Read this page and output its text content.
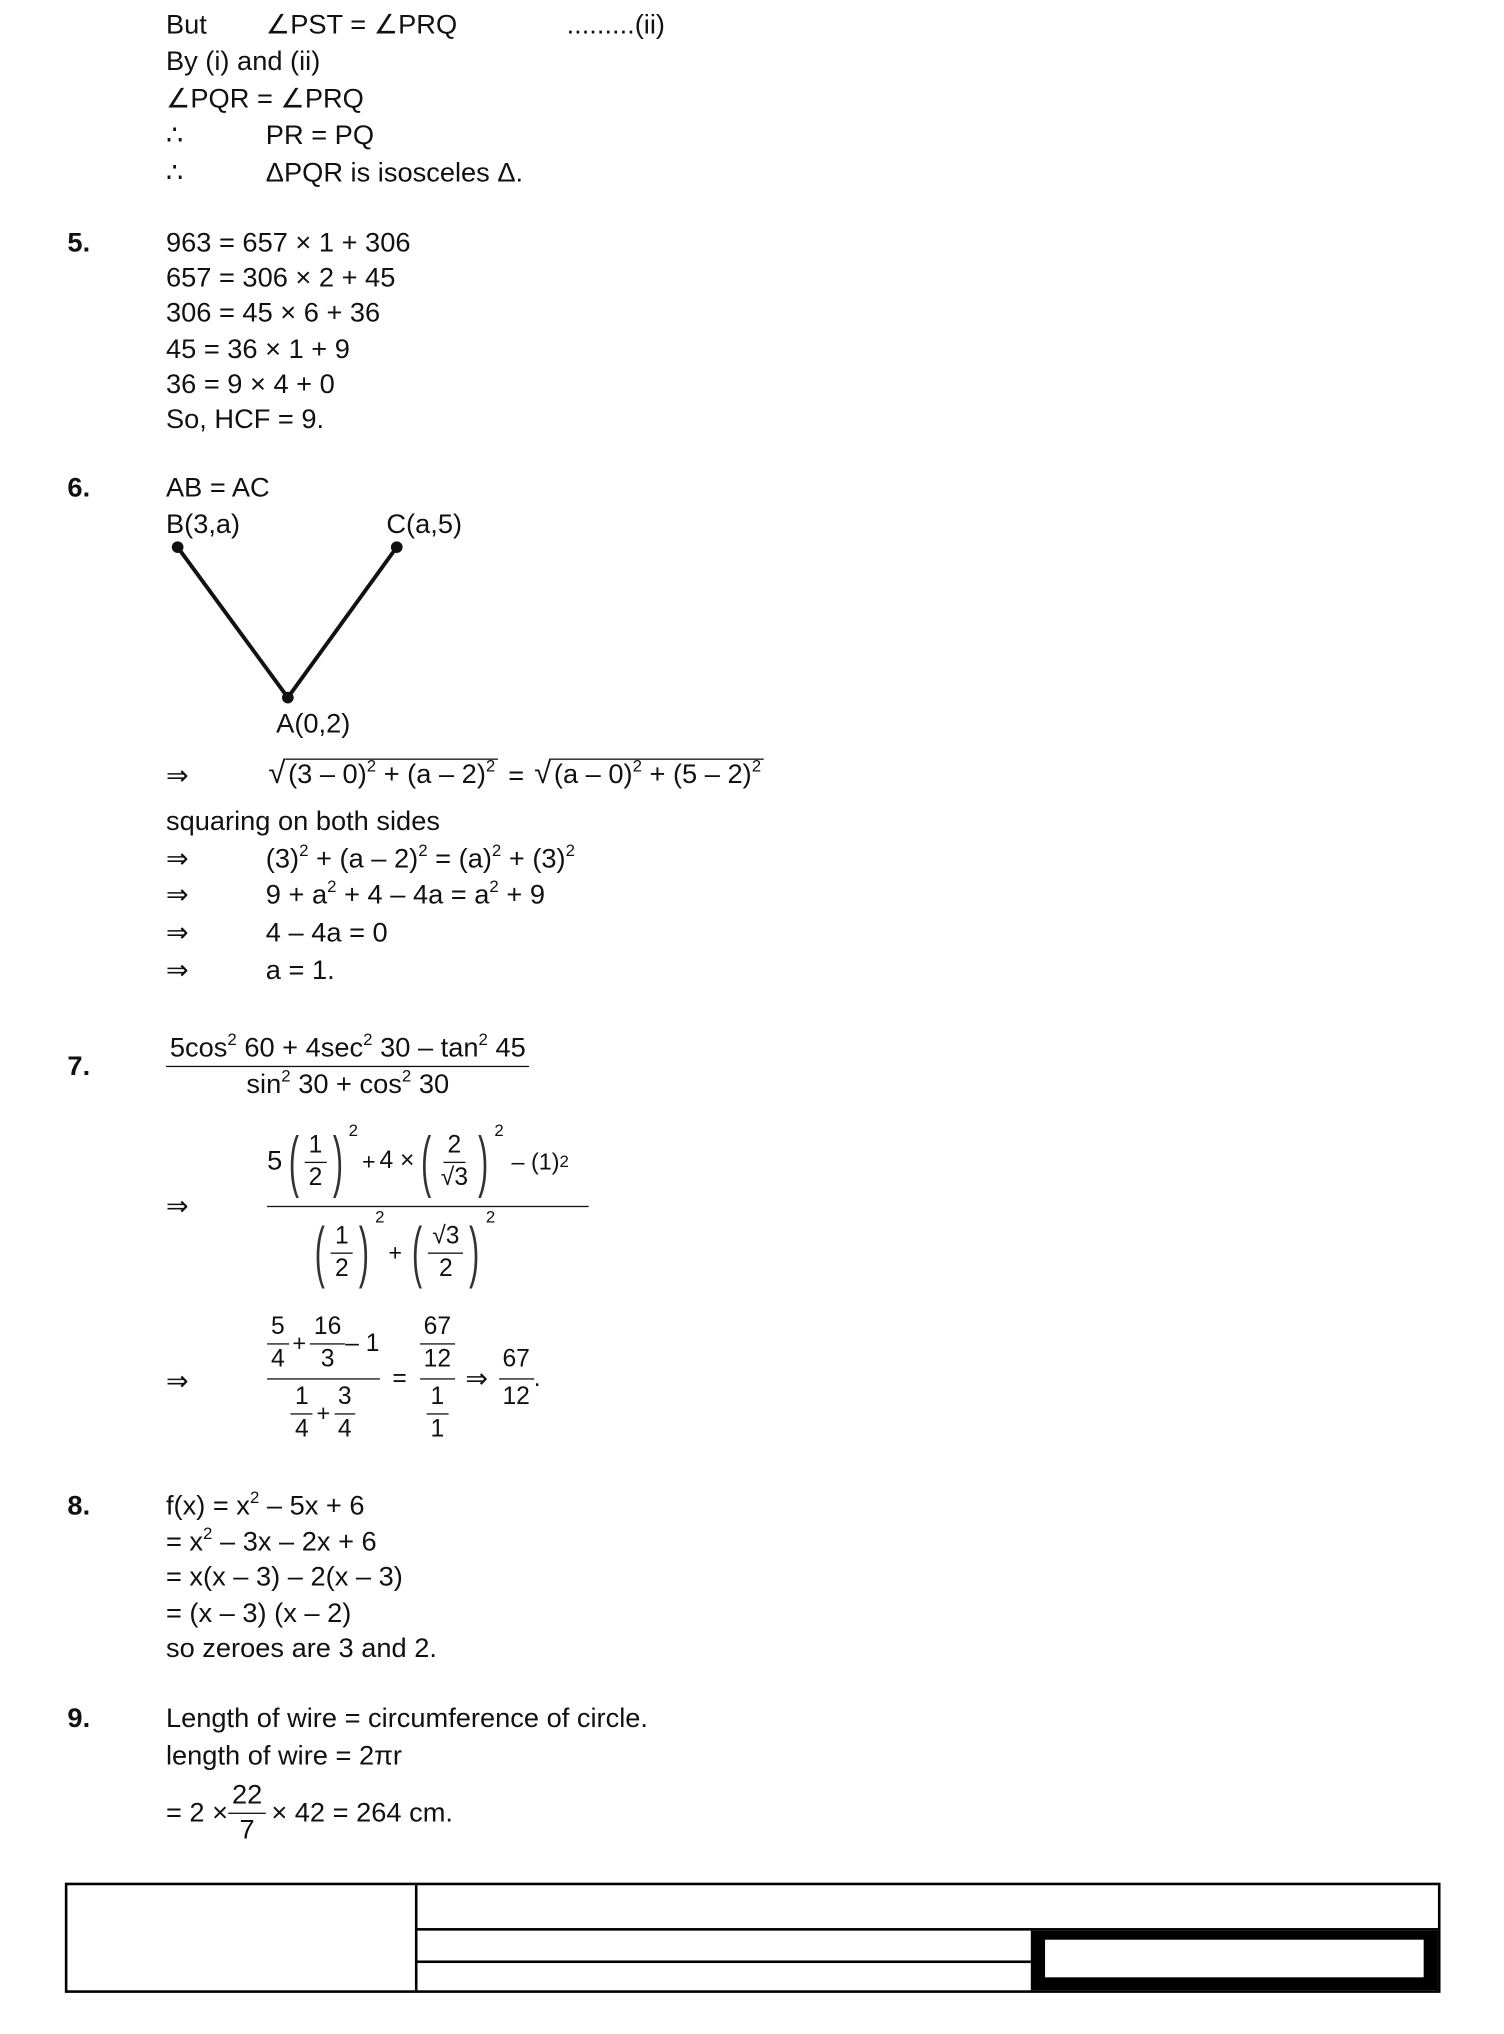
But	∠PST = ∠PRQ	.........(ii)
By (i) and (ii)
∠PQR = ∠PRQ
∴	PR = PQ
∴	ΔPQR is isosceles Δ.
5.	963 = 657 × 1 + 306
657 = 306 × 2 + 45
306 = 45 × 6 + 36
45 = 36 × 1 + 9
36 = 9 × 4 + 0
So, HCF = 9.
6.	AB = AC
B(3,a)	C(a,5)
A(0,2)
⇒	√ (3 – 0)$^2$ + (a – 2)$^2$ = √ (a – 0)$^2$ + (5 – 2)$^2$
squaring on both sides
⇒	$(3)^2 + (a - 2)^2 = (a)^2 + (3)^2$
⇒	$9 + a^2 + 4 - 4a = a^2 + 9$
⇒	4 – 4a = 0
⇒	a = 1.
7.	$\frac{5\cos^2 60 + 4\sec^2 30 - \tan^2 45}{\sin^2 30 + \cos^2 30}$
⇒	5 ( $\frac{1}{2}$ ) 2
+ 4 × ( $\frac{2}{√3}$ ) 2
– (1) 2
( $\frac{1}{2}$ ) 2
+ ( $\frac{√3}{2}$ ) 2
⇒	$\frac{\frac{5}{4} + \frac{16}{3} - 1}{\frac{1}{4} + \frac{3}{4}} = \frac{\frac{67}{12}}{\frac{1}{1}}$ ⇒ $\frac{67}{12}$ .
8.	$f(x) = x^2 - 5x + 6$
= $x^2 - 3x - 2x + 6$
= x(x – 3) – 2(x – 3)
= (x – 3) (x – 2)
so zeroes are 3 and 2.
9.	Length of wire = circumference of circle.
length of wire = 2πr
= $2 \times \frac{22}{7} \times 42 = 264$ cm.
